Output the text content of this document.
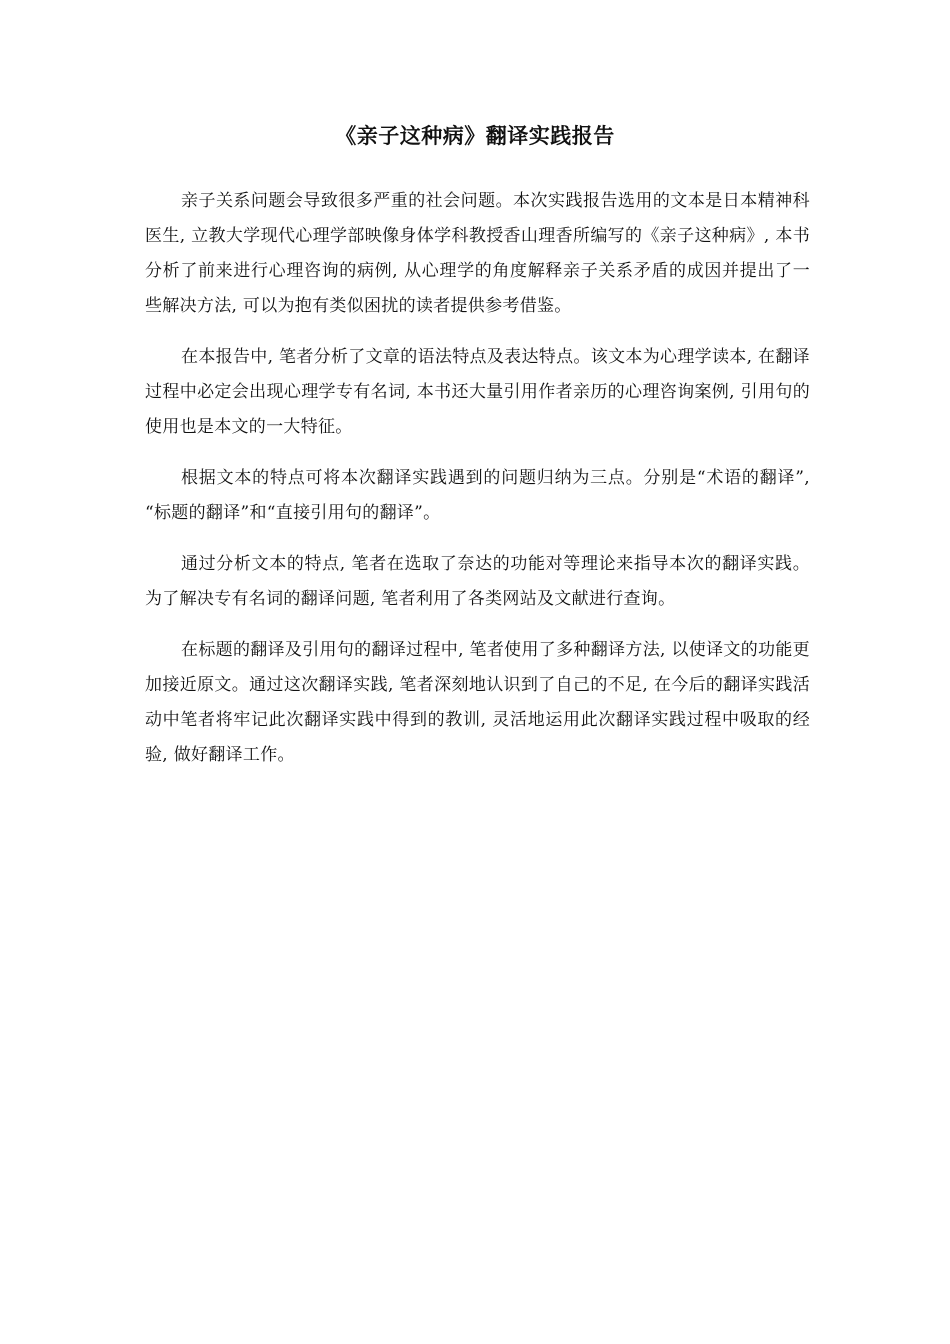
《亲子这种病》翻译实践报告

亲子关系问题会导致很多严重的社会问题。本次实践报告选用的文本是日本精神科医生, 立教大学现代心理学部映像身体学科教授香山理香所编写的《亲子这种病》, 本书分析了前来进行心理咨询的病例, 从心理学的角度解释亲子关系矛盾的成因并提出了一些解决方法, 可以为抱有类似困扰的读者提供参考借鉴。

在本报告中, 笔者分析了文章的语法特点及表达特点。该文本为心理学读本, 在翻译过程中必定会出现心理学专有名词, 本书还大量引用作者亲历的心理咨询案例, 引用句的使用也是本文的一大特征。

根据文本的特点可将本次翻译实践遇到的问题归纳为三点。分别是“术语的翻译”, “标题的翻译”和“直接引用句的翻译”。

通过分析文本的特点, 笔者在选取了奈达的功能对等理论来指导本次的翻译实践。为了解决专有名词的翻译问题, 笔者利用了各类网站及文献进行查询。

在标题的翻译及引用句的翻译过程中, 笔者使用了多种翻译方法, 以使译文的功能更加接近原文。通过这次翻译实践, 笔者深刻地认识到了自己的不足, 在今后的翻译实践活动中笔者将牢记此次翻译实践中得到的教训, 灵活地运用此次翻译实践过程中吸取的经验, 做好翻译工作。
